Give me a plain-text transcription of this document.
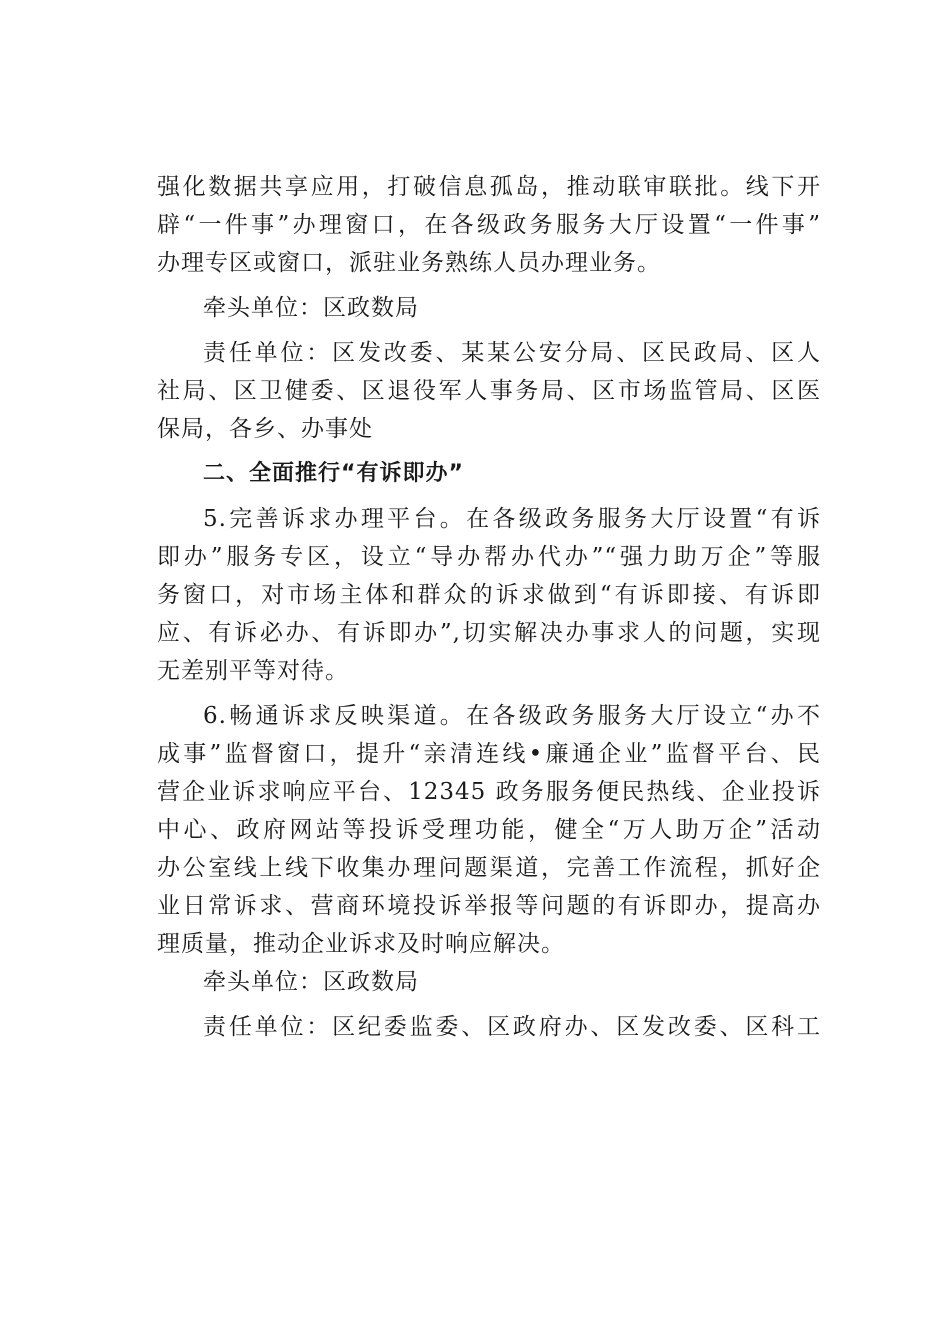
强化数据共享应用，打破信息孤岛，推动联审联批。线下开
辟“一件事”办理窗口，在各级政务服务大厅设置“一件事”
办理专区或窗口，派驻业务熟练人员办理业务。
牵头单位：区政数局
责任单位：区发改委、某某公安分局、区民政局、区人
社局、区卫健委、区退役军人事务局、区市场监管局、区医
保局，各乡、办事处
二、全面推行“有诉即办”
5.完善诉求办理平台。在各级政务服务大厅设置“有诉
即办”服务专区，设立“导办帮办代办”“强力助万企”等服
务窗口，对市场主体和群众的诉求做到“有诉即接、有诉即
应、有诉必办、有诉即办”,切实解决办事求人的问题，实现
无差别平等对待。
6.畅通诉求反映渠道。在各级政务服务大厅设立“办不
成事”监督窗口，提升“亲清连线•廉通企业”监督平台、民
营企业诉求响应平台、12345 政务服务便民热线、企业投诉
中心、政府网站等投诉受理功能，健全“万人助万企”活动
办公室线上线下收集办理问题渠道，完善工作流程，抓好企
业日常诉求、营商环境投诉举报等问题的有诉即办，提高办
理质量，推动企业诉求及时响应解决。
牵头单位：区政数局
责任单位：区纪委监委、区政府办、区发改委、区科工
